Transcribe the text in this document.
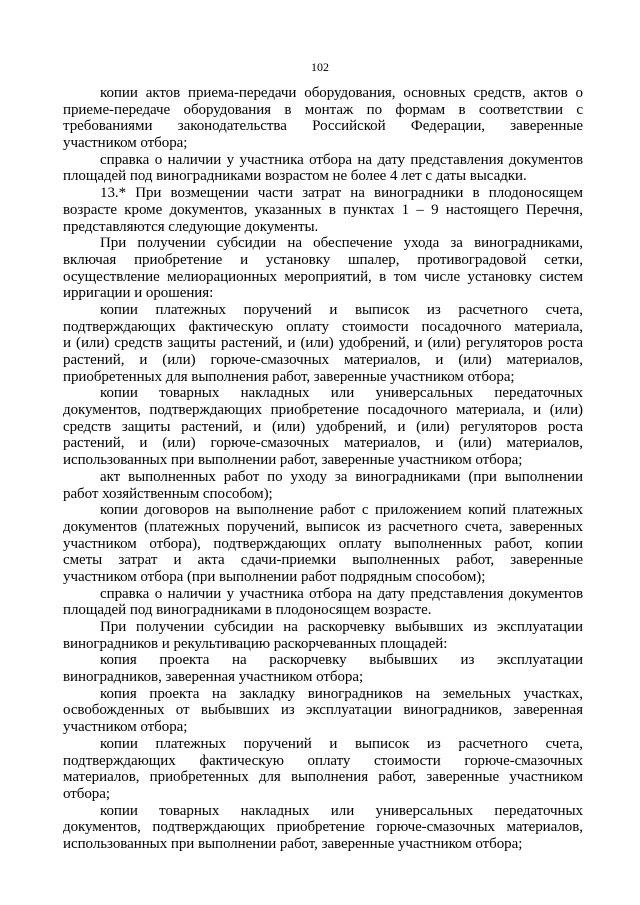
102
копии актов приема-передачи оборудования, основных средств, актов о
приеме-передаче оборудования в монтаж по формам в соответствии с
требованиями законодательства Российской Федерации, заверенные
участником отбора;
справка о наличии у участника отбора на дату представления документов
площадей под виноградниками возрастом не более 4 лет с даты высадки.
13.* При возмещении части затрат на виноградники в плодоносящем
возрасте кроме документов, указанных в пунктах 1 – 9 настоящего Перечня,
представляются следующие документы.
При получении субсидии на обеспечение ухода за виноградниками,
включая приобретение и установку шпалер, противоградовой сетки,
осуществление мелиорационных мероприятий, в том числе установку систем
ирригации и орошения:
копии платежных поручений и выписок из расчетного счета,
подтверждающих фактическую оплату стоимости посадочного материала,
и (или) средств защиты растений, и (или) удобрений, и (или) регуляторов роста
растений, и (или) горюче-смазочных материалов, и (или) материалов,
приобретенных для выполнения работ, заверенные участником отбора;
копии товарных накладных или универсальных передаточных
документов, подтверждающих приобретение посадочного материала, и (или)
средств защиты растений, и (или) удобрений, и (или) регуляторов роста
растений, и (или) горюче-смазочных материалов, и (или) материалов,
использованных при выполнении работ, заверенные участником отбора;
акт выполненных работ по уходу за виноградниками (при выполнении
работ хозяйственным способом);
копии договоров на выполнение работ с приложением копий платежных
документов (платежных поручений, выписок из расчетного счета, заверенных
участником отбора), подтверждающих оплату выполненных работ, копии
сметы затрат и акта сдачи-приемки выполненных работ, заверенные
участником отбора (при выполнении работ подрядным способом);
справка о наличии у участника отбора на дату представления документов
площадей под виноградниками в плодоносящем возрасте.
При получении субсидии на раскорчевку выбывших из эксплуатации
виноградников и рекультивацию раскорчеванных площадей:
копия проекта на раскорчевку выбывших из эксплуатации
виноградников, заверенная участником отбора;
копия проекта на закладку виноградников на земельных участках,
освобожденных от выбывших из эксплуатации виноградников, заверенная
участником отбора;
копии платежных поручений и выписок из расчетного счета,
подтверждающих фактическую оплату стоимости горюче-смазочных
материалов, приобретенных для выполнения работ, заверенные участником
отбора;
копии товарных накладных или универсальных передаточных
документов, подтверждающих приобретение горюче-смазочных материалов,
использованных при выполнении работ, заверенные участником отбора;
